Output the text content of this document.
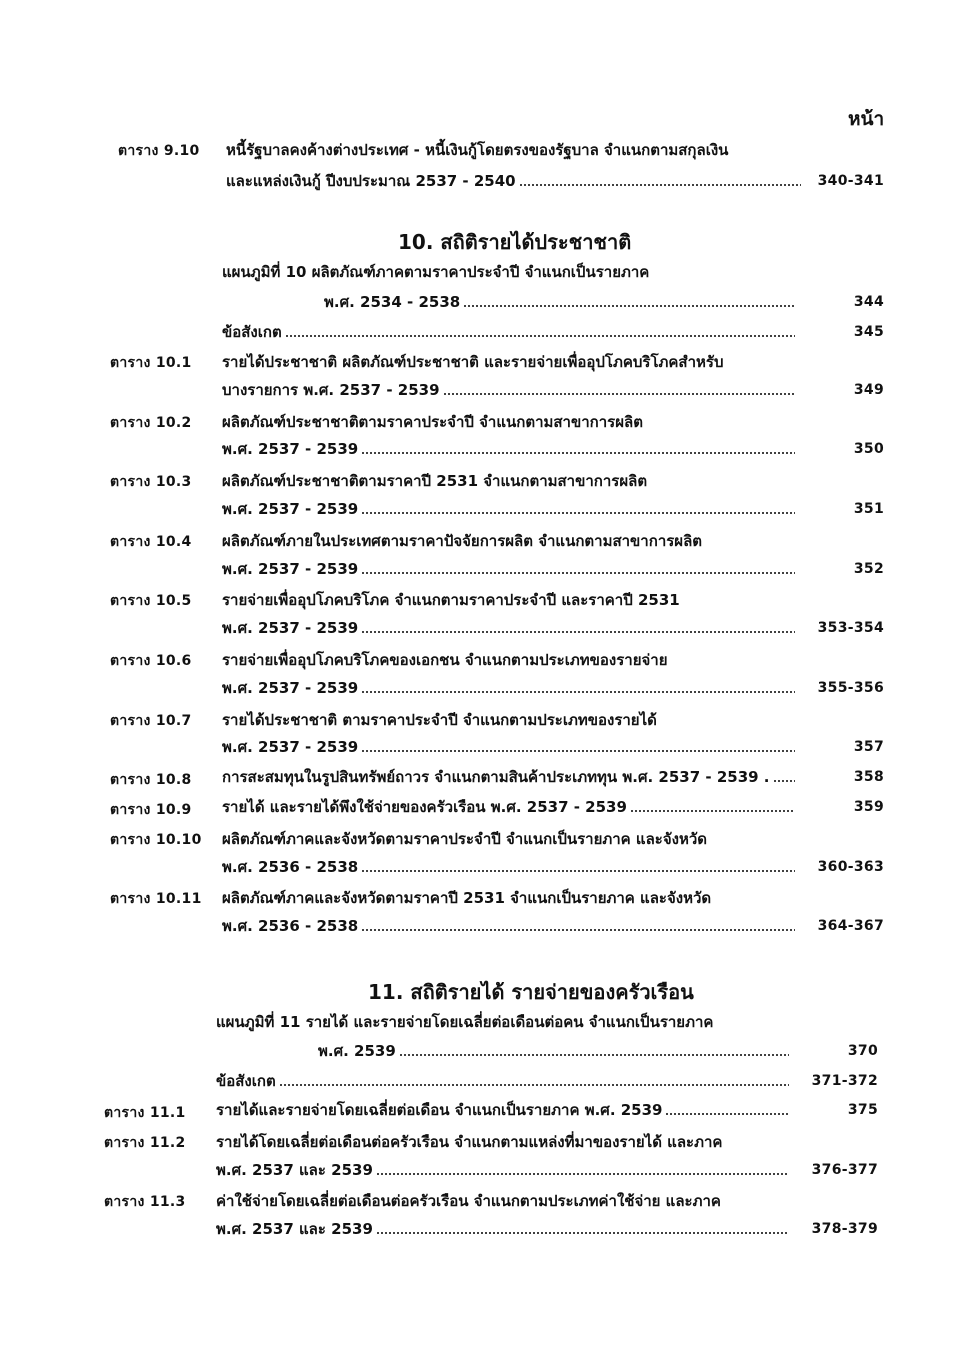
หน้า
ตาราง 9.10 หนี้รัฐบาลคงค้างต่างประเทศ - หนี้เงินกู้โดยตรงของรัฐบาล จำแนกตามสกุลเงิน
และแหล่งเงินกู้ ปีงบประมาณ 2537 - 2540	340-341
10. สถิติรายได้ประชาชาติ
แผนภูมิที่ 10 ผลิตภัณฑ์ภาคตามราคาประจำปี จำแนกเป็นรายภาค
พ.ศ. 2534 - 2538	344
ข้อสังเกต	345
ตาราง 10.1 รายได้ประชาชาติ ผลิตภัณฑ์ประชาชาติ และรายจ่ายเพื่ออุปโภคบริโภคสำหรับ
บางรายการ พ.ศ. 2537 - 2539	349
ตาราง 10.2 ผลิตภัณฑ์ประชาชาติตามราคาประจำปี จำแนกตามสาขาการผลิต
พ.ศ. 2537 - 2539	350
ตาราง 10.3 ผลิตภัณฑ์ประชาชาติตามราคาปี 2531 จำแนกตามสาขาการผลิต
พ.ศ. 2537 - 2539	351
ตาราง 10.4 ผลิตภัณฑ์ภายในประเทศตามราคาปัจจัยการผลิต จำแนกตามสาขาการผลิต
พ.ศ. 2537 - 2539	352
ตาราง 10.5 รายจ่ายเพื่ออุปโภคบริโภค จำแนกตามราคาประจำปี และราคาปี 2531
พ.ศ. 2537 - 2539	353-354
ตาราง 10.6 รายจ่ายเพื่ออุปโภคบริโภคของเอกชน จำแนกตามประเภทของรายจ่าย
พ.ศ. 2537 - 2539	355-356
ตาราง 10.7 รายได้ประชาชาติ ตามราคาประจำปี จำแนกตามประเภทของรายได้
พ.ศ. 2537 - 2539	357
ตาราง 10.8 การสะสมทุนในรูปสินทรัพย์ถาวร จำแนกตามสินค้าประเภททุน พ.ศ. 2537 - 2539 .	358
ตาราง 10.9 รายได้ และรายได้พึงใช้จ่ายของครัวเรือน พ.ศ. 2537 - 2539	359
ตาราง 10.10 ผลิตภัณฑ์ภาคและจังหวัดตามราคาประจำปี จำแนกเป็นรายภาค และจังหวัด
พ.ศ. 2536 - 2538	360-363
ตาราง 10.11 ผลิตภัณฑ์ภาคและจังหวัดตามราคาปี 2531 จำแนกเป็นรายภาค และจังหวัด
พ.ศ. 2536 - 2538	364-367
11. สถิติรายได้ รายจ่ายของครัวเรือน
แผนภูมิที่ 11 รายได้ และรายจ่ายโดยเฉลี่ยต่อเดือนต่อคน จำแนกเป็นรายภาค
พ.ศ. 2539	370
ข้อสังเกต	371-372
ตาราง 11.1 รายได้และรายจ่ายโดยเฉลี่ยต่อเดือน จำแนกเป็นรายภาค พ.ศ. 2539	375
ตาราง 11.2 รายได้โดยเฉลี่ยต่อเดือนต่อครัวเรือน จำแนกตามแหล่งที่มาของรายได้ และภาค
พ.ศ. 2537 และ 2539	376-377
ตาราง 11.3 ค่าใช้จ่ายโดยเฉลี่ยต่อเดือนต่อครัวเรือน จำแนกตามประเภทค่าใช้จ่าย และภาค
พ.ศ. 2537 และ 2539	378-379
